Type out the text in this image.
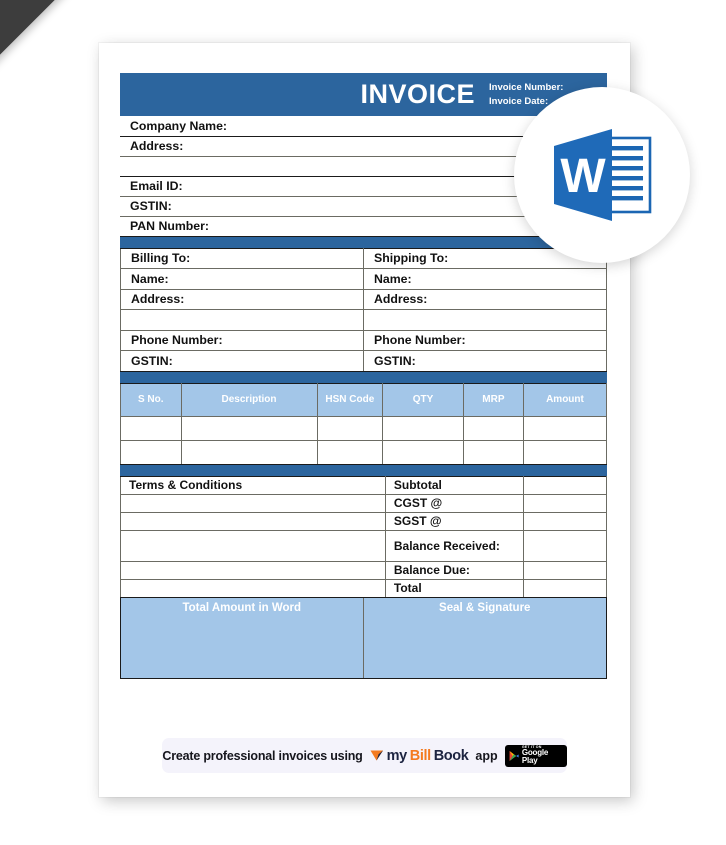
INVOICE Invoice Number:
Invoice Date:
Company Name:
Address:

Email ID:
GSTIN:
PAN Number:
Billing To:	Shipping To:
Name:	Name:
Address:	Address:

Phone Number:	Phone Number:
GSTIN:	GSTIN:
S No.	Description	HSN Code	QTY	MRP	Amount

Terms & Conditions	Subtotal	
	CGST @	
	SGST @	
	Balance Received:	
	Balance Due:	
	Total	
Total Amount in Word	Seal & Signature
Create professional invoices using my Bill Book app
GET IT ON
Google Play
W
